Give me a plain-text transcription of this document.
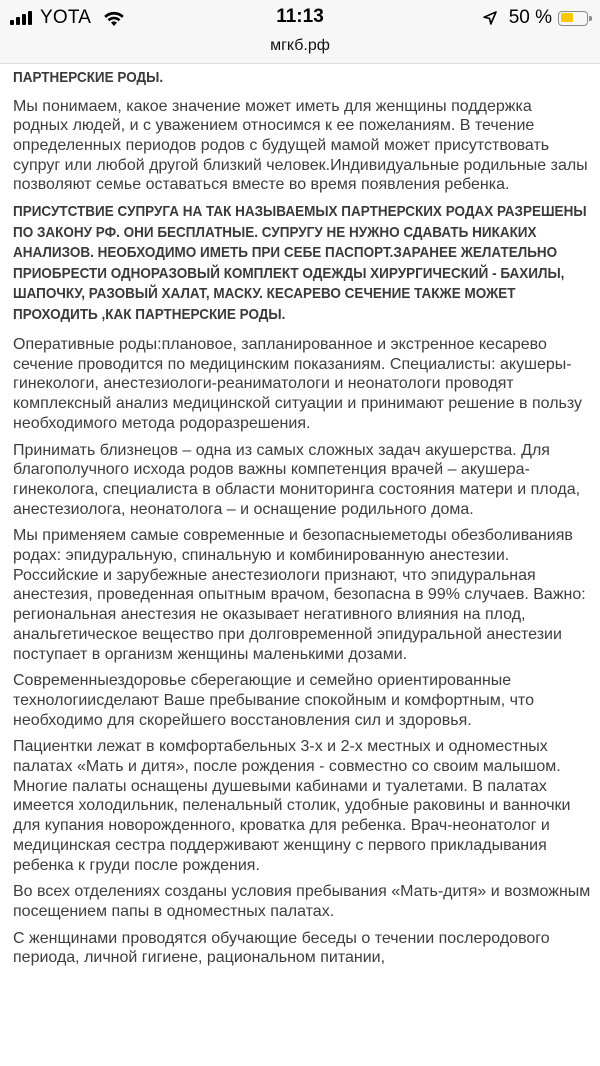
YOTA	11:13	50 %
мгкб.рф
ПАРТНЕРСКИЕ РОДЫ.

Мы понимаем, какое значение может иметь для женщины поддержка родных людей, и с уважением относимся к ее пожеланиям. В течение определенных периодов родов с будущей мамой может присутствовать супруг или любой другой близкий человек.Индивидуальные родильные залы позволяют семье оставаться вместе во время появления ребенка.

ПРИСУТСТВИЕ СУПРУГА НА ТАК НАЗЫВАЕМЫХ ПАРТНЕРСКИХ РОДАХ РАЗРЕШЕНЫ ПО ЗАКОНУ РФ. ОНИ БЕСПЛАТНЫЕ. СУПРУГУ НЕ НУЖНО СДАВАТЬ НИКАКИХ АНАЛИЗОВ. НЕОБХОДИМО ИМЕТЬ ПРИ СЕБЕ ПАСПОРТ.ЗАРАНЕЕ ЖЕЛАТЕЛЬНО ПРИОБРЕСТИ ОДНОРАЗОВЫЙ КОМПЛЕКТ ОДЕЖДЫ ХИРУРГИЧЕСКИЙ - БАХИЛЫ, ШАПОЧКУ, РАЗОВЫЙ ХАЛАТ, МАСКУ. КЕСАРЕВО СЕЧЕНИЕ ТАКЖЕ МОЖЕТ ПРОХОДИТЬ ,КАК ПАРТНЕРСКИЕ РОДЫ.

Оперативные роды:плановое, запланированное и экстренное кесарево сечение проводится по медицинским показаниям. Специалисты: акушеры-гинекологи, анестезиологи-реаниматологи и неонатологи проводят комплексный анализ медицинской ситуации и принимают решение в пользу необходимого метода родоразрешения.

Принимать близнецов – одна из самых сложных задач акушерства. Для благополучного исхода родов важны компетенция врачей – акушера-гинеколога, специалиста в области мониторинга состояния матери и плода, анестезиолога, неонатолога – и оснащение родильного дома.

Мы применяем самые современные и безопасныеметоды обезболиванияв родах: эпидуральную, спинальную и комбинированную анестезии. Российские и зарубежные анестезиологи признают, что эпидуральная анестезия, проведенная опытным врачом, безопасна в 99% случаев. Важно: региональная анестезия не оказывает негативного влияния на плод, анальгетическое вещество при долговременной эпидуральной анестезии поступает в организм женщины маленькими дозами.

Современныездоровье сберегающие и семейно ориентированные технологиисделают Ваше пребывание спокойным и комфортным, что необходимо для скорейшего восстановления сил и здоровья.

Пациентки лежат в комфортабельных 3-х и 2-х местных и одноместных палатах «Мать и дитя», после рождения - совместно со своим малышом. Многие палаты оснащены душевыми кабинами и туалетами. В палатах имеется холодильник, пеленальный столик, удобные раковины и ванночки для купания новорожденного, кроватка для ребенка. Врач-неонатолог и медицинская сестра поддерживают женщину с первого прикладывания ребенка к груди после рождения.

Во всех отделениях созданы условия пребывания «Мать-дитя» и возможным посещением папы в одноместных палатах.

С женщинами проводятся обучающие беседы о течении послеродового периода, личной гигиене, рациональном питании,
